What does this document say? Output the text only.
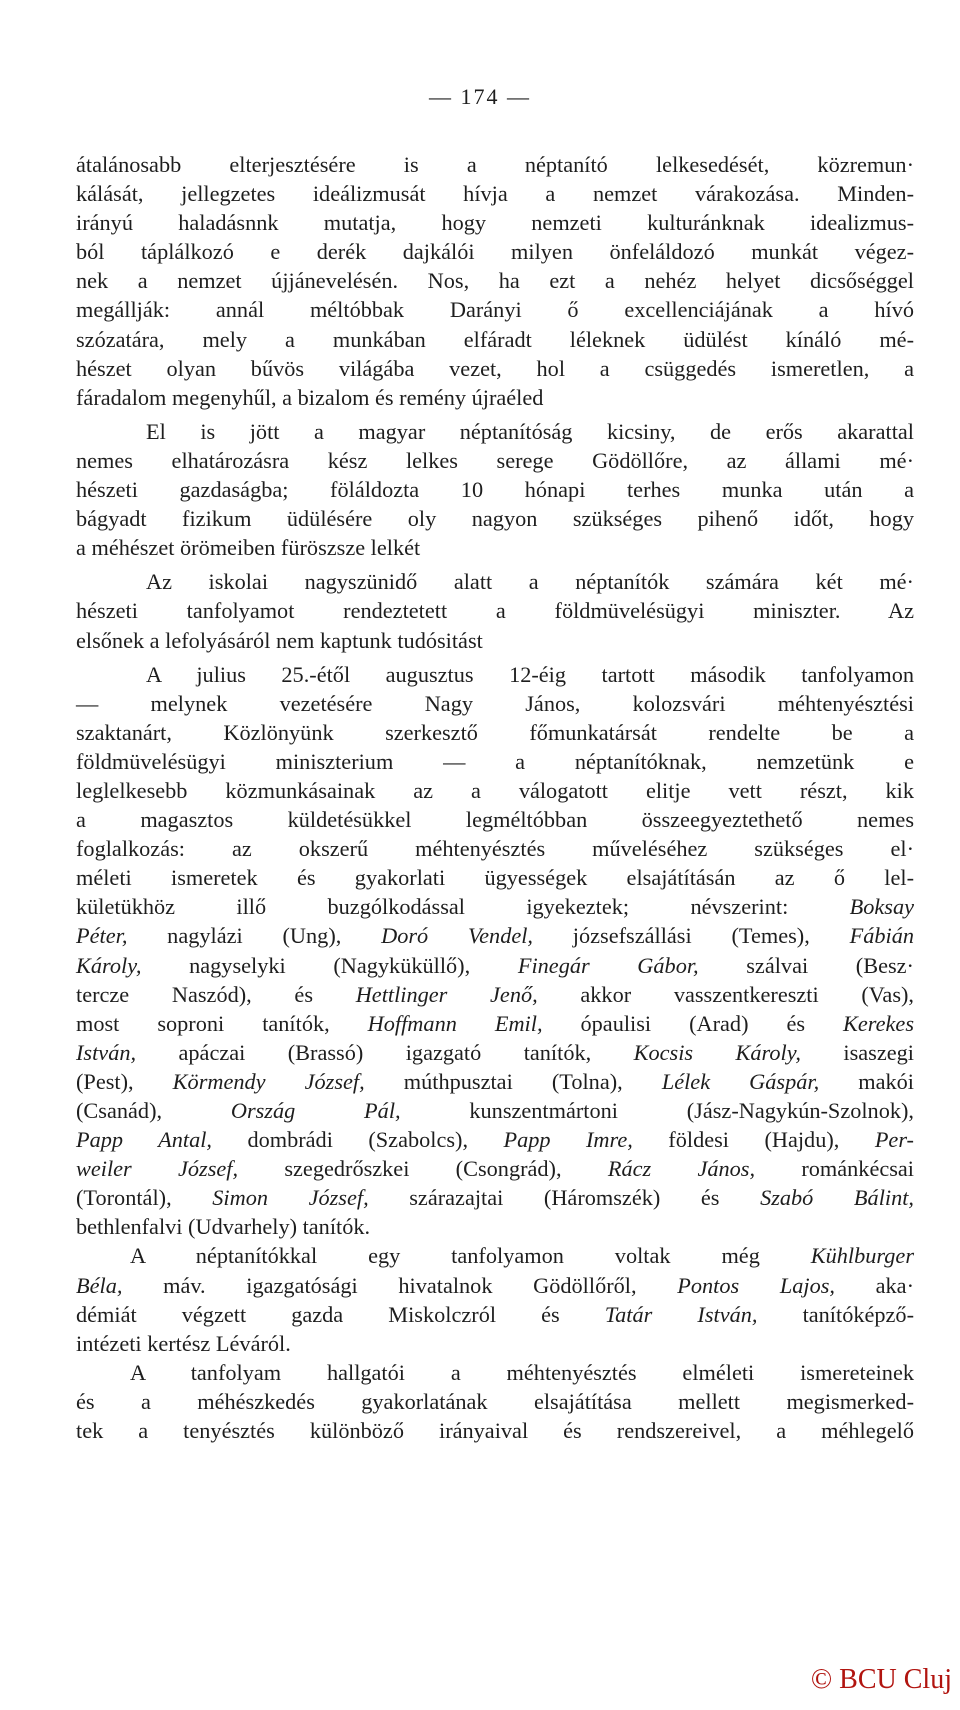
— 174 —
átalánosabb elterjesztésére is a néptanító lelkesedését, közremun·
kálását, jellegzetes ideálizmusát hívja a nemzet várakozása. Minden-
irányú haladásnnk mutatja, hogy nemzeti kulturánknak idealizmus-
ból táplálkozó e derék dajkálói milyen önfeláldozó munkát végez-
nek a nemzet újjánevelésén. Nos, ha ezt a nehéz helyet dicsőséggel
megállják: annál méltóbbak Darányi ő excellenciájának a hívó
szózatára, mely a munkában elfáradt léleknek üdülést kínáló mé-
hészet olyan bűvös világába vezet, hol a csüggedés ismeretlen, a
fáradalom megenyhűl, a bizalom és remény újraéled
El is jött a magyar néptanítóság kicsiny, de erős akarattal
nemes elhatározásra kész lelkes serege Gödöllőre, az állami mé·
hészeti gazdaságba; föláldozta 10 hónapi terhes munka után a
bágyadt fizikum üdülésére oly nagyon szükséges pihenő időt, hogy
a méhészet örömeiben füröszsze lelkét
Az iskolai nagyszünidő alatt a néptanítók számára két mé·
hészeti tanfolyamot rendeztetett a földmüvelésügyi miniszter. Az
elsőnek a lefolyásáról nem kaptunk tudósitást
A julius 25.-étől augusztus 12-éig tartott második tanfolyamon
— melynek vezetésére Nagy János, kolozsvári méhtenyésztési
szaktanárt, Közlönyünk szerkesztő főmunkatársát rendelte be a
földmüvelésügyi miniszterium — a néptanítóknak, nemzetünk e
leglelkesebb közmunkásainak az a válogatott elitje vett részt, kik
a magasztos küldetésükkel legméltóbban összeegyeztethető nemes
foglalkozás: az okszerű méhtenyésztés műveléséhez szükséges el·
méleti ismeretek és gyakorlati ügyességek elsajátításán az ő lel-
kületükhöz illő buzgólkodással igyekeztek; névszerint: Boksay
Péter, nagylázi (Ung), Doró Vendel, józsefszállási (Temes), Fábián
Károly, nagyselyki (Nagyküküllő), Finegár Gábor, szálvai (Besz·
tercze Naszód), és Hettlinger Jenő, akkor vasszentkereszti (Vas),
most soproni tanítók, Hoffmann Emil, ópaulisi (Arad) és Kerekes
István, apáczai (Brassó) igazgató tanítók, Kocsis Károly, isaszegi
(Pest), Körmendy József, múthpusztai (Tolna), Lélek Gáspár, makói
(Csanád), Ország Pál, kunszentmártoni (Jász-Nagykún-Szolnok),
Papp Antal, dombrádi (Szabolcs), Papp Imre, földesi (Hajdu), Per-
weiler József, szegedrőszkei (Csongrád), Rácz János, románkécsai
(Torontál), Simon József, szárazajtai (Háromszék) és Szabó Bálint,
bethlenfalvi (Udvarhely) tanítók.
A néptanítókkal egy tanfolyamon voltak még Kühlburger
Béla, máv. igazgatósági hivatalnok Gödöllőről, Pontos Lajos, aka·
démiát végzett gazda Miskolczról és Tatár István, tanítóképző-
intézeti kertész Léváról.
A tanfolyam hallgatói a méhtenyésztés elméleti ismereteinek
és a méhészkedés gyakorlatának elsajátítása mellett megismerked-
tek a tenyésztés különböző irányaival és rendszereivel, a méhlegelő
© BCU Cluj
